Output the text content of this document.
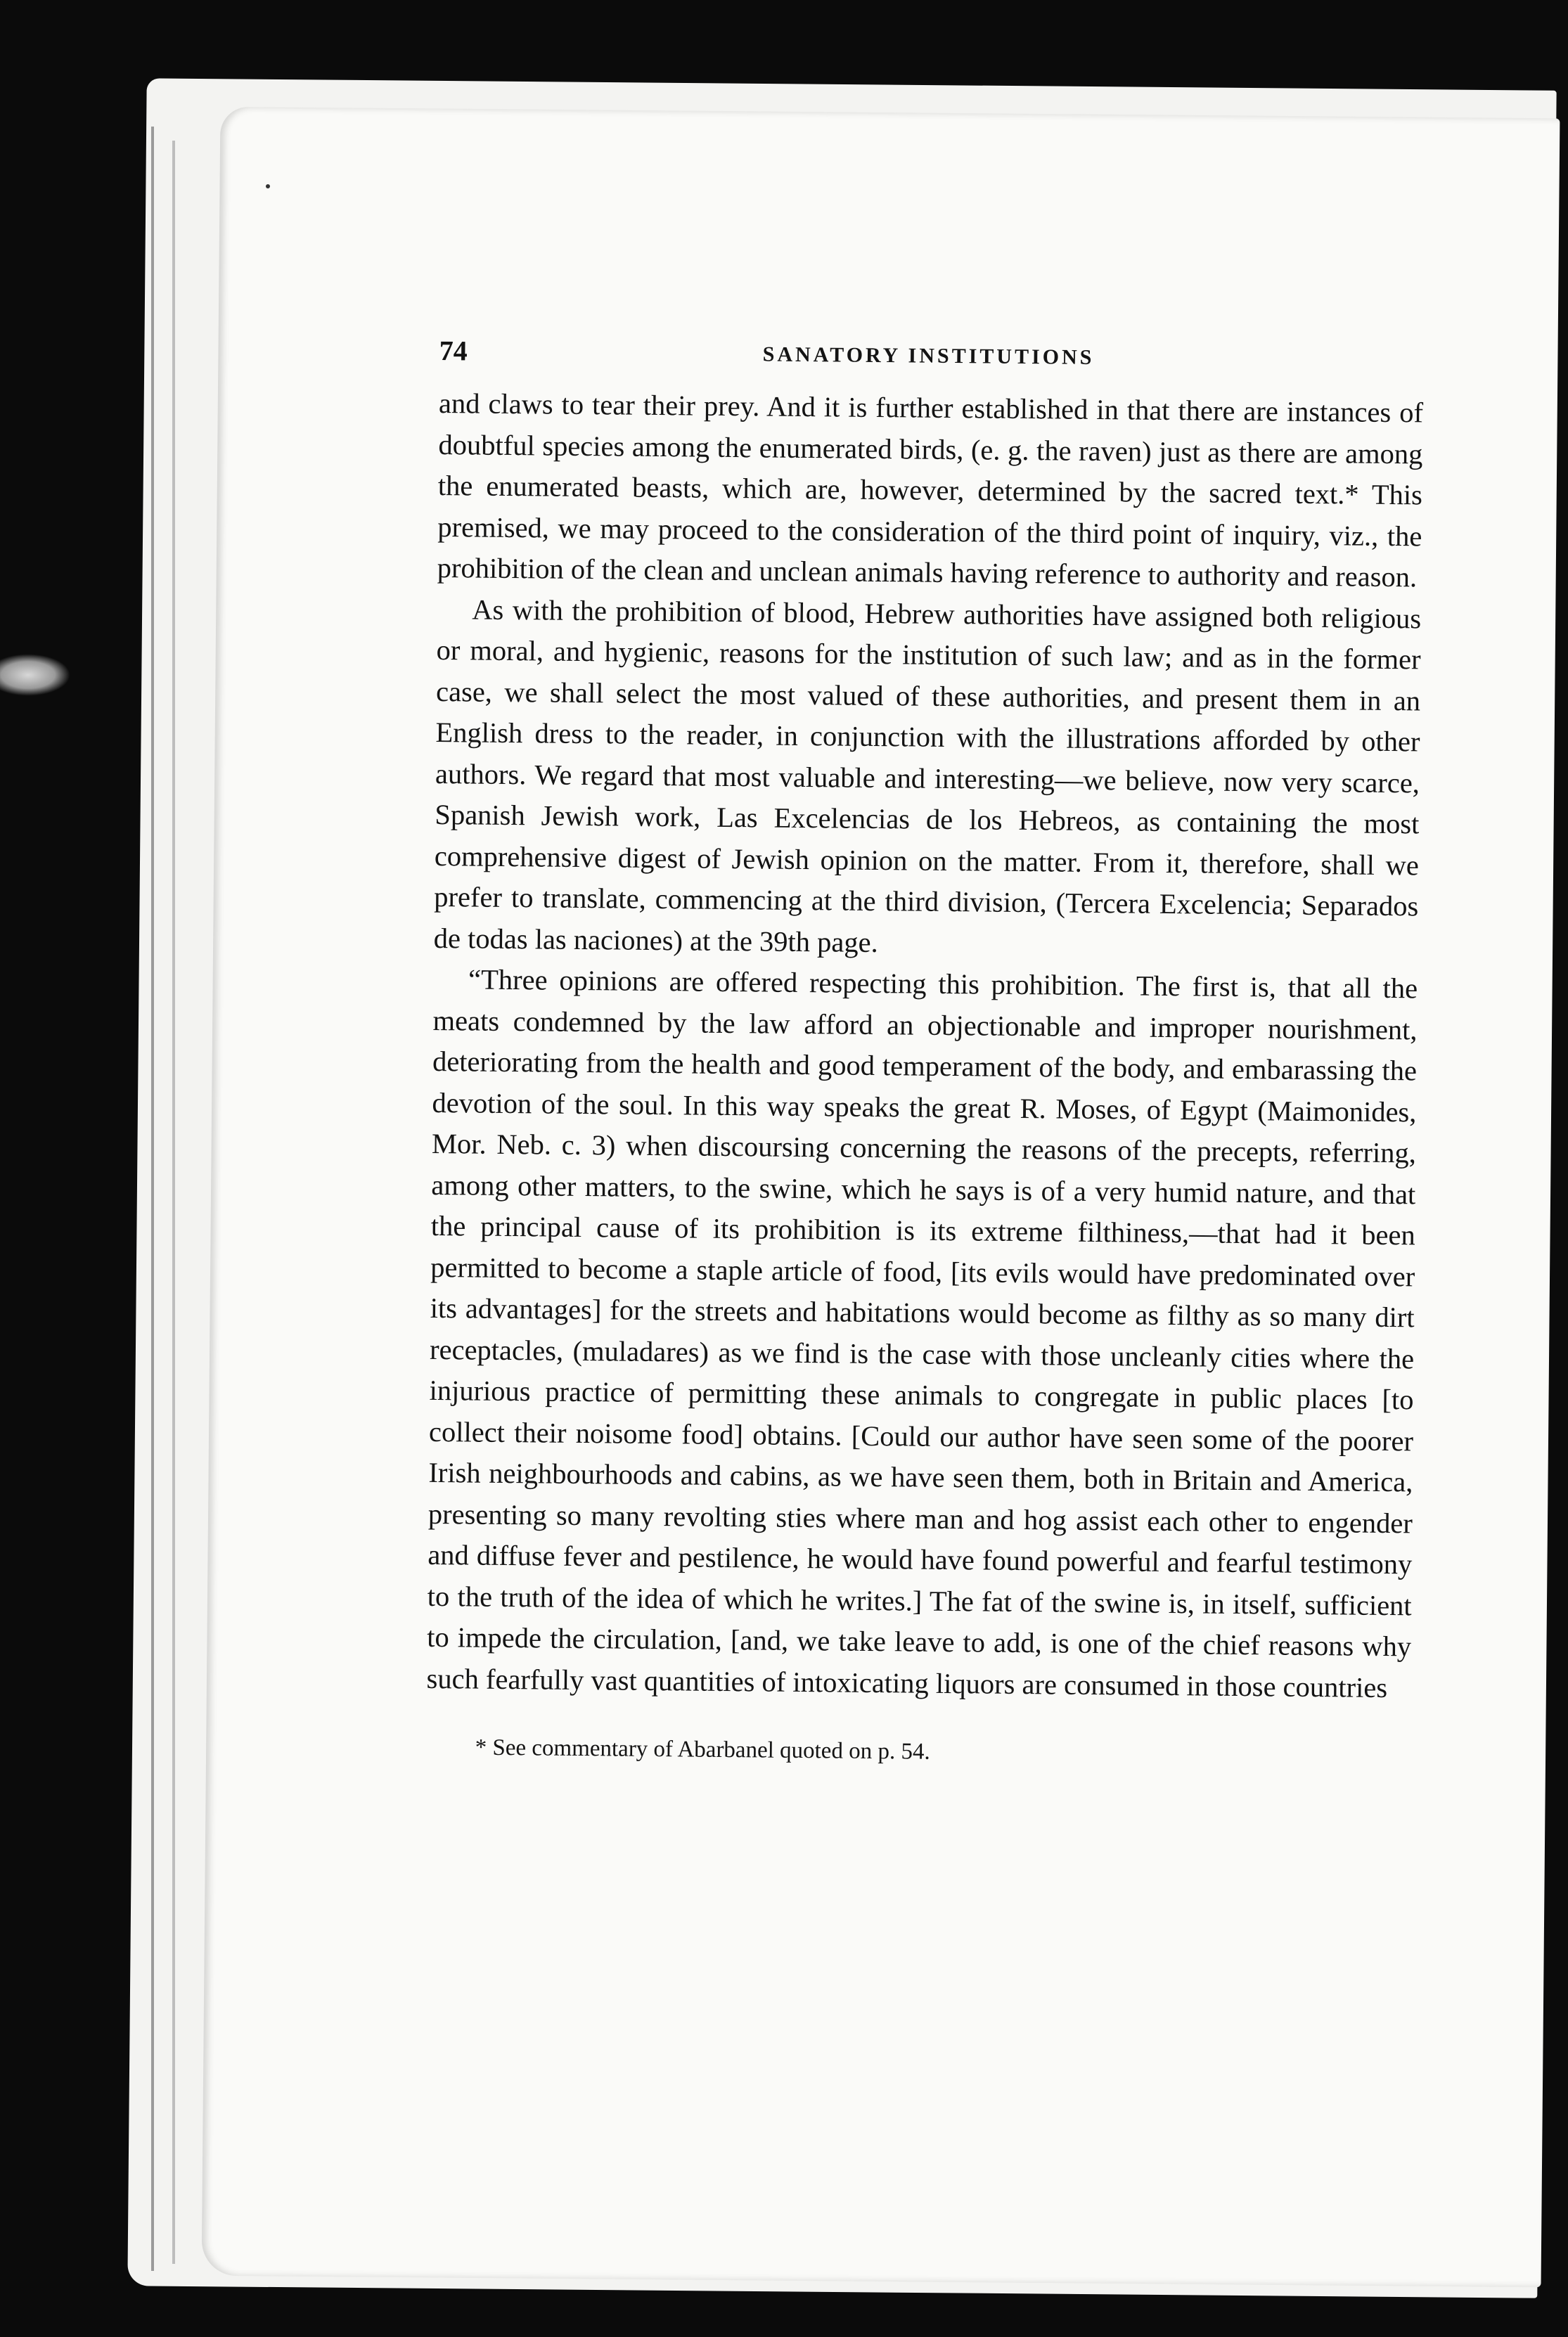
74	SANATORY INSTITUTIONS

and claws to tear their prey. And it is further established in that there are instances of doubtful species among the enumerated birds, (e. g. the raven) just as there are among the enumerated beasts, which are, however, determined by the sacred text.* This premised, we may proceed to the consideration of the third point of inquiry, viz., the prohibition of the clean and unclean animals having reference to authority and reason.

As with the prohibition of blood, Hebrew authorities have assigned both religious or moral, and hygienic, reasons for the institution of such law; and as in the former case, we shall select the most valued of these authorities, and present them in an English dress to the reader, in conjunction with the illustrations afforded by other authors. We regard that most valuable and interesting—we believe, now very scarce, Spanish Jewish work, Las Excelencias de los Hebreos, as containing the most comprehensive digest of Jewish opinion on the matter. From it, therefore, shall we prefer to translate, commencing at the third division, (Tercera Excelencia; Separados de todas las naciones) at the 39th page.

“Three opinions are offered respecting this prohibition. The first is, that all the meats condemned by the law afford an objectionable and improper nourishment, deteriorating from the health and good temperament of the body, and embarassing the devotion of the soul. In this way speaks the great R. Moses, of Egypt (Maimonides, Mor. Neb. c. 3) when discoursing concerning the reasons of the precepts, referring, among other matters, to the swine, which he says is of a very humid nature, and that the principal cause of its prohibition is its extreme filthiness,—that had it been permitted to become a staple article of food, [its evils would have predominated over its advantages] for the streets and habitations would become as filthy as so many dirt receptacles, (muladares) as we find is the case with those uncleanly cities where the injurious practice of permitting these animals to congregate in public places [to collect their noisome food] obtains. [Could our author have seen some of the poorer Irish neighbourhoods and cabins, as we have seen them, both in Britain and America, presenting so many revolting sties where man and hog assist each other to engender and diffuse fever and pestilence, he would have found powerful and fearful testimony to the truth of the idea of which he writes.] The fat of the swine is, in itself, sufficient to impede the circulation, [and, we take leave to add, is one of the chief reasons why such fearfully vast quantities of intoxicating liquors are consumed in those countries

* See commentary of Abarbanel quoted on p. 54.
